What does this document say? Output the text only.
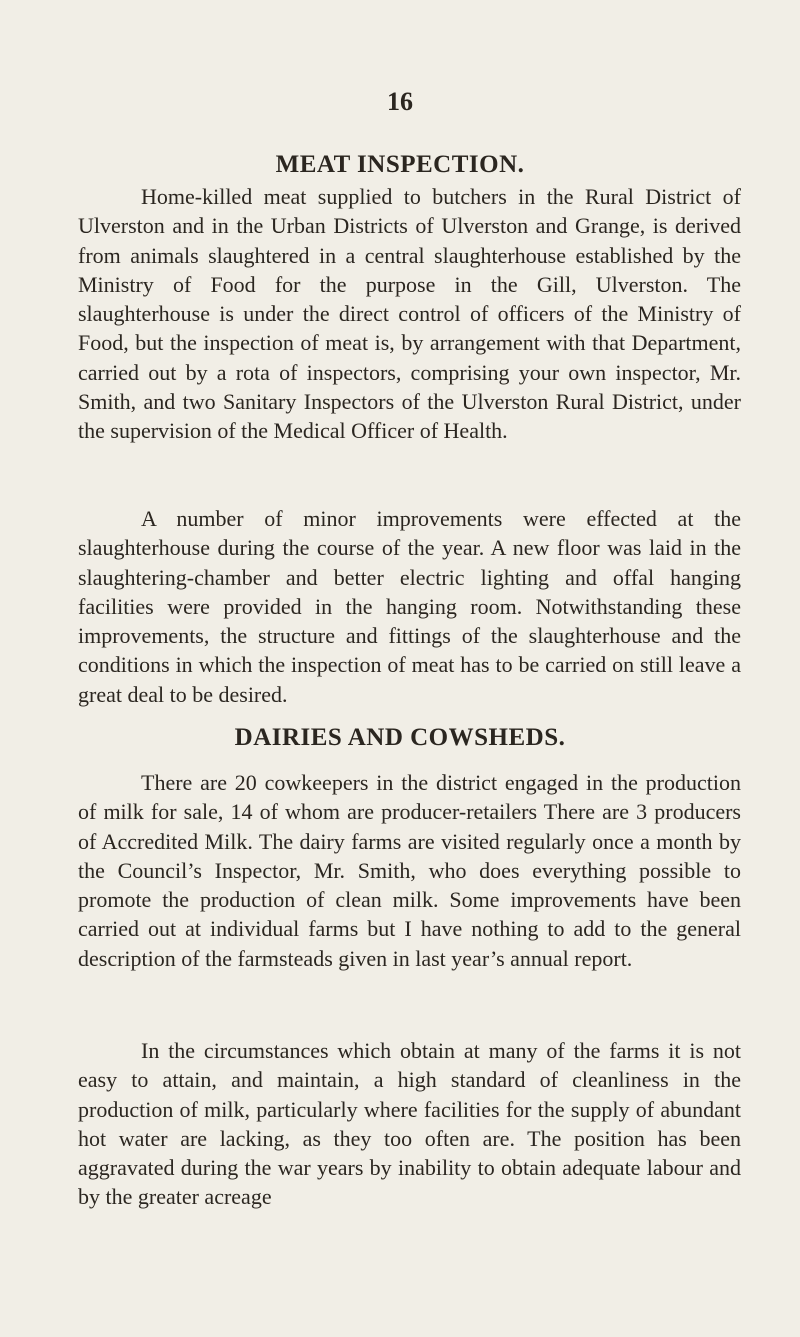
16
MEAT INSPECTION.

Home-killed meat supplied to butchers in the Rural District of Ulverston and in the Urban Districts of Ulverston and Grange, is derived from animals slaughtered in a central slaughterhouse established by the Ministry of Food for the purpose in the Gill, Ulverston. The slaughterhouse is under the direct control of officers of the Ministry of Food, but the inspection of meat is, by arrangement with that Department, carried out by a rota of inspectors, comprising your own inspector, Mr. Smith, and two Sanitary Inspectors of the Ulverston Rural District, under the supervision of the Medical Officer of Health.

A number of minor improvements were effected at the slaughterhouse during the course of the year. A new floor was laid in the slaughtering-chamber and better electric lighting and offal hanging facilities were provided in the hanging room. Notwithstanding these improvements, the structure and fittings of the slaughterhouse and the conditions in which the inspection of meat has to be carried on still leave a great deal to be desired.

DAIRIES AND COWSHEDS.

There are 20 cowkeepers in the district engaged in the production of milk for sale, 14 of whom are producer-retailers There are 3 producers of Accredited Milk. The dairy farms are visited regularly once a month by the Council’s Inspector, Mr. Smith, who does everything possible to promote the production of clean milk. Some improvements have been carried out at individual farms but I have nothing to add to the general description of the farmsteads given in last year’s annual report.

In the circumstances which obtain at many of the farms it is not easy to attain, and maintain, a high standard of cleanliness in the production of milk, particularly where facilities for the supply of abundant hot water are lacking, as they too often are. The position has been aggravated during the war years by inability to obtain adequate labour and by the greater acreage
